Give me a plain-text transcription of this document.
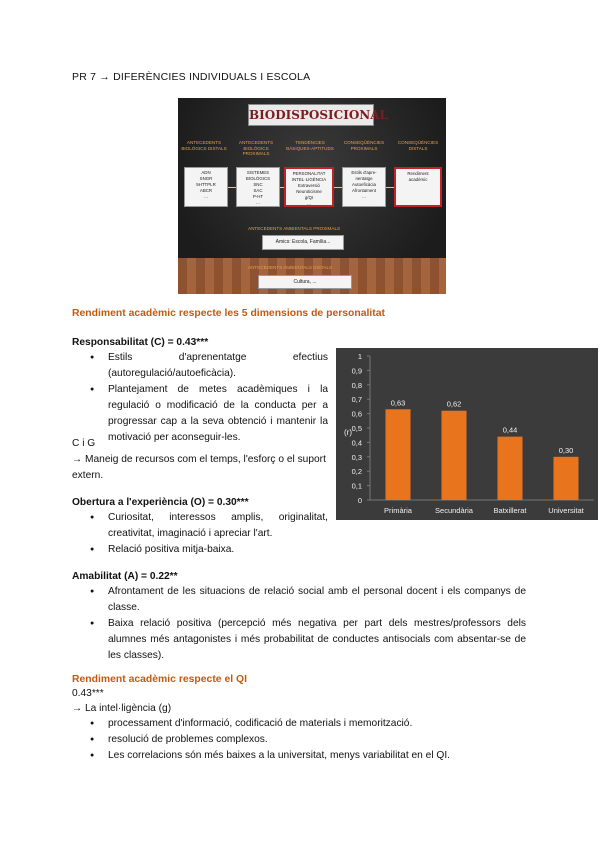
PR 7 → DIFERÈNCIES INDIVIDUALS I ESCOLA
BIODISPOSICIONAL
ANTECEDENTS BIOLÒGICS DISTALS
ANTECEDENTS BIOLÒGICS PROXIMALS
TENDÈNCIES BÀSIQUES-APTITUDS
CONSEQÜÈNCIES PROXIMALS
CONSEQÜÈNCIES DISTALS
ADN
SNGR
5HTTPLR
ABCR
...
SISTEMES
BIOLÒGICS
SNC
SAC
P-HT
...
PERSONALITAT
INTEL·LIGÈNCIA
Extraversió
Neuroticisme
g/QI
...
Estils d'apre-
nentatge
Autoeficàcia
Afrontament
...
Rendiment
acadèmic
ANTECEDENTS AMBIENTALS PROXIMALS
Amics: Escola, Família...
ANTECEDENTS AMBIENTALS DISTALS
Cultura, ...
Rendiment acadèmic respecte les 5 dimensions de personalitat
Responsabilitat (C) = 0.43***
● Estils d'aprenentatge efectius (autoregulació/autoeficàcia).
● Plantejament de metes acadèmiques i la regulació o modificació de la conducta per a progressar cap a la seva obtenció i mantenir la motivació per aconseguir-les.
C i G
→ Maneig de recursos com el temps, l'esforç o el suport extern.
0
0,1
0,2
0,3
0,4
0,5
0,6
0,7
0,8
0,9
1
(r)
0,63
Primària
0,62
Secundària
0,44
Batxillerat
0,30
Universitat
Obertura a l'experiència (O) = 0.30***
● Curiositat, interessos amplis, originalitat, creativitat, imaginació i apreciar l'art.
● Relació positiva mitja-baixa.
Amabilitat (A) = 0.22**
● Afrontament de les situacions de relació social amb el personal docent i els companys de classe.
● Baixa relació positiva (percepció més negativa per part dels mestres/professors dels alumnes més antagonistes i més probabilitat de conductes antisocials com absentar-se de les classes).
Rendiment acadèmic respecte el QI
0.43***
→ La intel·ligència (g)
● processament d'informació, codificació de materials i memorització.
● resolució de problemes complexos.
● Les correlacions són més baixes a la universitat, menys variabilitat en el QI.
